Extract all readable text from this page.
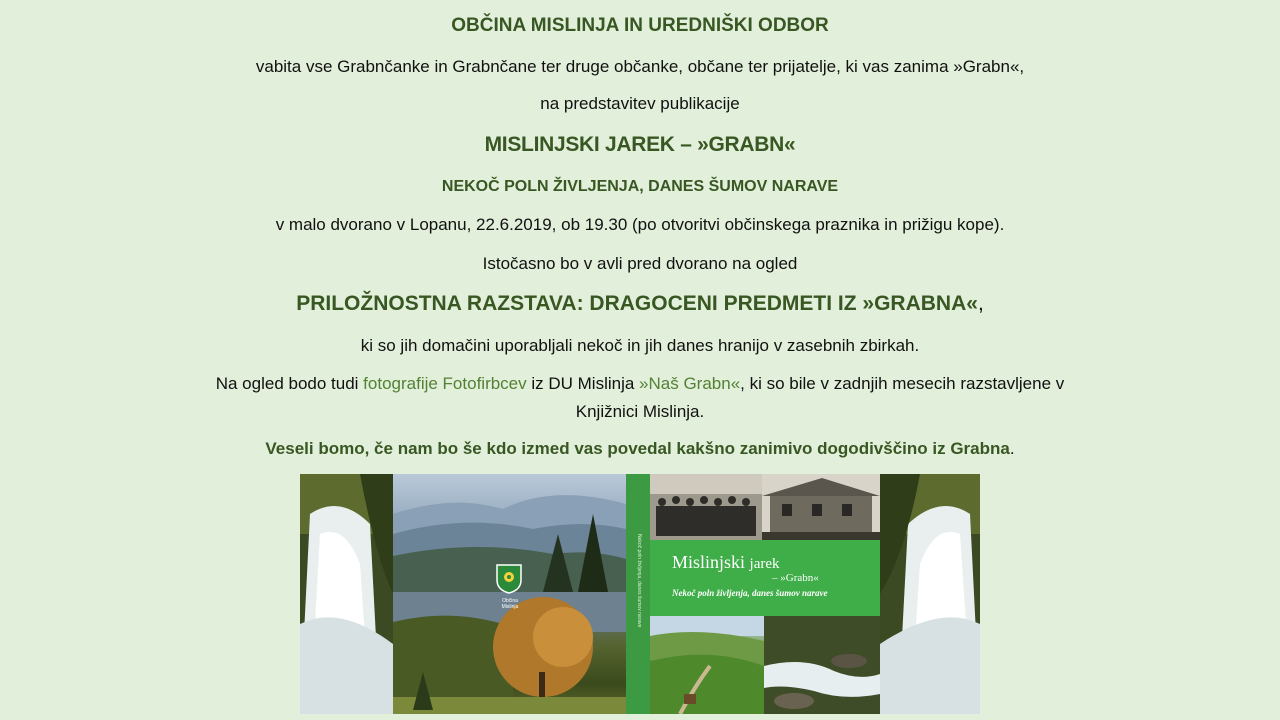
OBČINA MISLINJA IN UREDNIŠKI ODBOR
vabita vse Grabnčanke in Grabnčane ter druge občanke, občane ter prijatelje, ki vas zanima »Grabn«,
na predstavitev publikacije
MISLINJSKI JAREK – »GRABN«
NEKOČ POLN ŽIVLJENJA, DANES ŠUMOV NARAVE
v malo dvorano v Lopanu, 22.6.2019, ob 19.30 (po otvoritvi občinskega praznika in prižigu kope).
Istočasno bo v avli pred dvorano na ogled
PRILOŽNOSTNA RAZSTAVA: DRAGOCENI PREDMETI IZ »GRABNA«,
ki so jih domačini uporabljali nekoč in jih danes hranijo v zasebnih zbirkah.
Na ogled bodo tudi fotografije Fotofirbcev iz DU Mislinja »Naš Grabn«, ki so bile v zadnjih mesecih razstavljene v
Knjižnici Mislinja.
Veseli bomo, če nam bo še kdo izmed vas povedal kakšno zanimivo dogodivščino iz Grabna.
Občina
Mislinja	Nekoč poln življenja, danes šumov narave Mislinjski jarek
– »Grabn«
Nekoč poln življenja, danes šumov narave
